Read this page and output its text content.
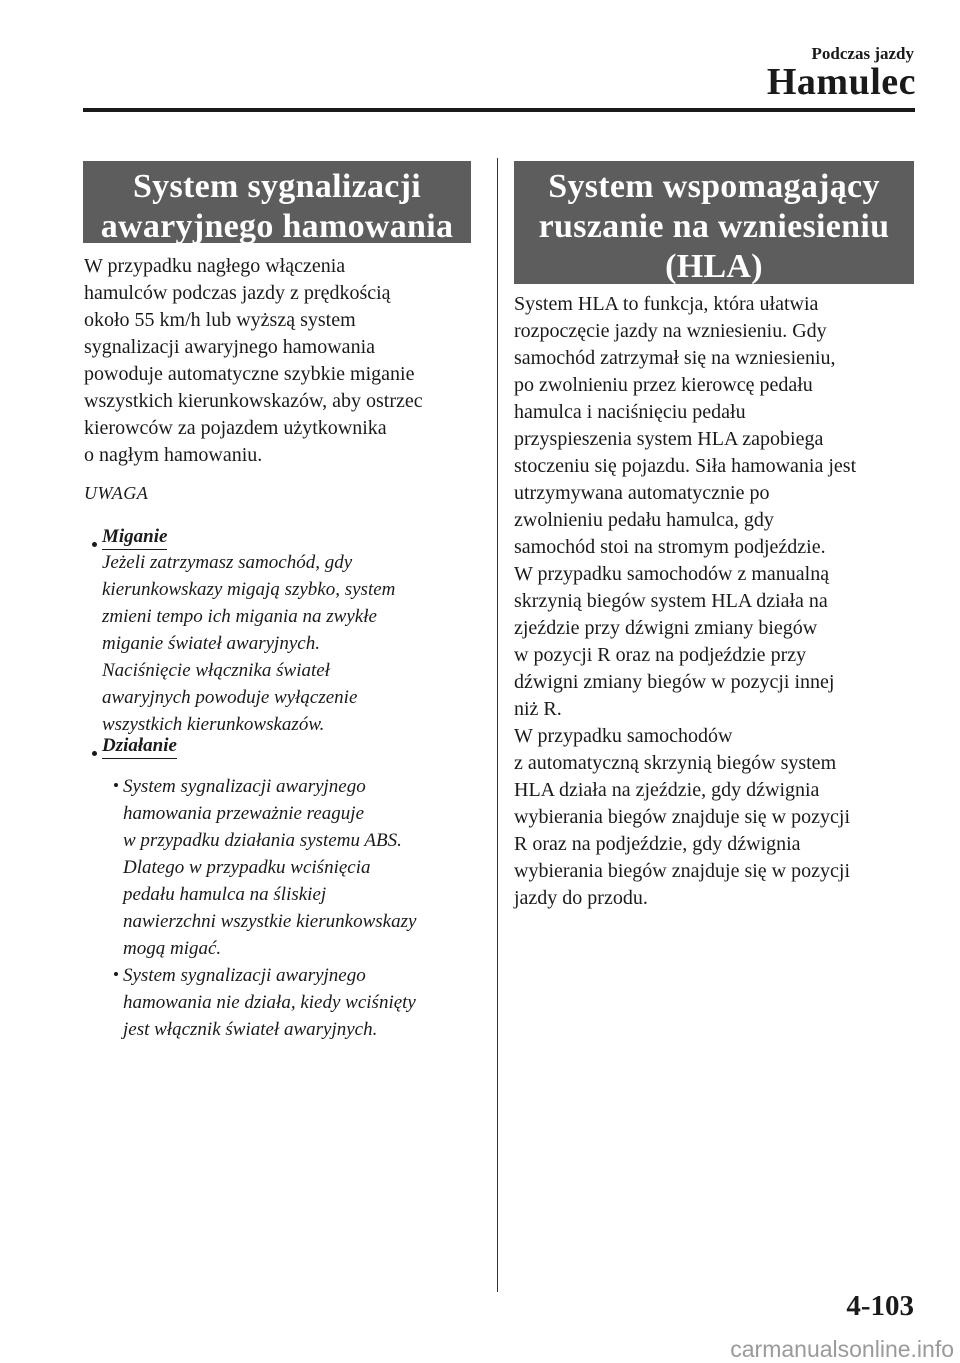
Podczas jazdy
Hamulec
System sygnalizacji
awaryjnego hamowania
W przypadku nagłego włączenia
hamulców podczas jazdy z prędkością
około 55 km/h lub wyższą system
sygnalizacji awaryjnego hamowania
powoduje automatyczne szybkie miganie
wszystkich kierunkowskazów, aby ostrzec
kierowców za pojazdem użytkownika
o nagłym hamowaniu.
UWAGA
Miganie
Jeżeli zatrzymasz samochód, gdy
kierunkowskazy migają szybko, system
zmieni tempo ich migania na zwykłe
miganie świateł awaryjnych.
Naciśnięcie włącznika świateł
awaryjnych powoduje wyłączenie
wszystkich kierunkowskazów.
Działanie
System sygnalizacji awaryjnego
hamowania przeważnie reaguje
w przypadku działania systemu ABS.
Dlatego w przypadku wciśnięcia
pedału hamulca na śliskiej
nawierzchni wszystkie kierunkowskazy
mogą migać.
System sygnalizacji awaryjnego
hamowania nie działa, kiedy wciśnięty
jest włącznik świateł awaryjnych.
System wspomagający
ruszanie na wzniesieniu
(HLA)
System HLA to funkcja, która ułatwia
rozpoczęcie jazdy na wzniesieniu. Gdy
samochód zatrzymał się na wzniesieniu,
po zwolnieniu przez kierowcę pedału
hamulca i naciśnięciu pedału
przyspieszenia system HLA zapobiega
stoczeniu się pojazdu. Siła hamowania jest
utrzymywana automatycznie po
zwolnieniu pedału hamulca, gdy
samochód stoi na stromym podjeździe.
W przypadku samochodów z manualną
skrzynią biegów system HLA działa na
zjeździe przy dźwigni zmiany biegów
w pozycji R oraz na podjeździe przy
dźwigni zmiany biegów w pozycji innej
niż R.
W przypadku samochodów
z automatyczną skrzynią biegów system
HLA działa na zjeździe, gdy dźwignia
wybierania biegów znajduje się w pozycji
R oraz na podjeździe, gdy dźwignia
wybierania biegów znajduje się w pozycji
jazdy do przodu.
4-103
carmanualsonline.info
